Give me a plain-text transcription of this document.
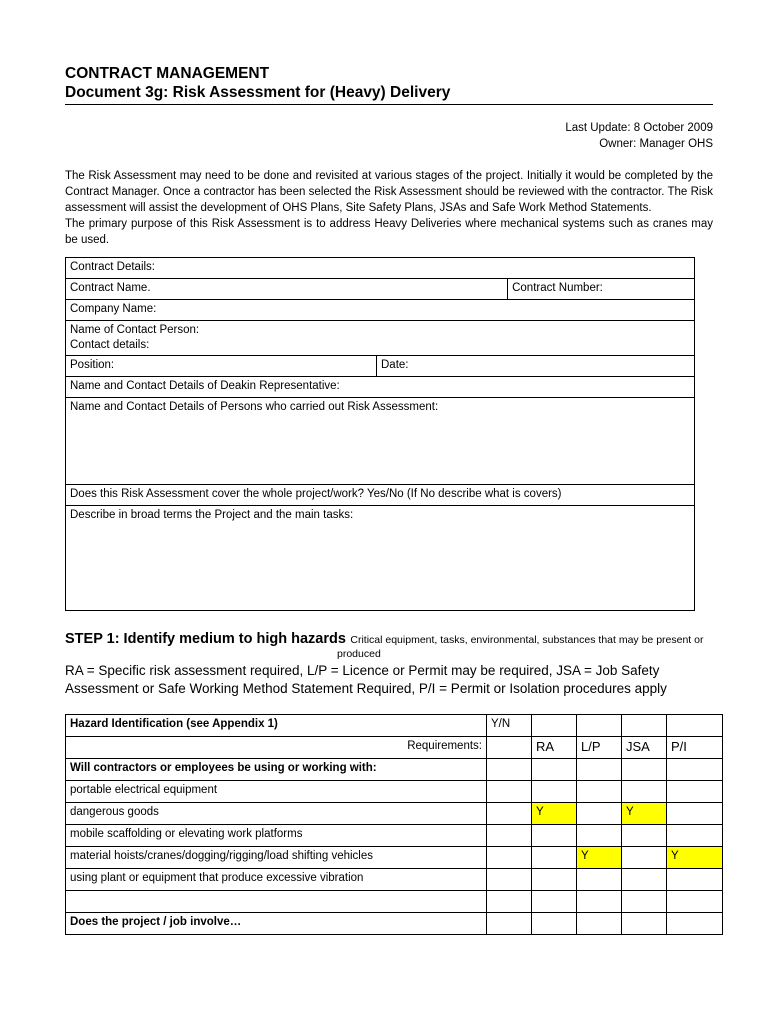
CONTRACT MANAGEMENT
Document 3g: Risk Assessment for (Heavy) Delivery
Last Update: 8 October 2009
Owner: Manager OHS

The Risk Assessment may need to be done and revisited at various stages of the project. Initially it would be completed by the Contract Manager. Once a contractor has been selected the Risk Assessment should be reviewed with the contractor. The Risk assessment will assist the development of OHS Plans, Site Safety Plans, JSAs and Safe Work Method Statements.

The primary purpose of this Risk Assessment is to address Heavy Deliveries where mechanical systems such as cranes may be used.

Contract Details:		
Contract Name.		Contract Number:
Company Name:		

Name of Contact Person:
Contact details:		

Position:	Date:	
Name and Contact Details of Deakin Representative:		
Name and Contact Details of Persons who carried out Risk Assessment:		
Does this Risk Assessment cover the whole project/work? Yes/No (If No describe what is covers)		
Describe in broad terms the Project and the main tasks:		
STEP 1: Identify medium to high hazards Critical equipment, tasks, environmental, substances that may be present or
produced
RA = Specific risk assessment required, L/P = Licence or Permit may be required, JSA = Job Safety Assessment or Safe Working Method Statement Required, P/I = Permit or Isolation procedures apply
Hazard Identification (see Appendix 1)	Y/N				
Requirements:		RA	L/P	JSA	P/I
Will contractors or employees be using or working with:					
portable electrical equipment					
dangerous goods		Y		Y	
mobile scaffolding or elevating work platforms					
material hoists/cranes/dogging/rigging/load shifting vehicles			Y		Y
using plant or equipment that produce excessive vibration					

Does the project / job involve…					
